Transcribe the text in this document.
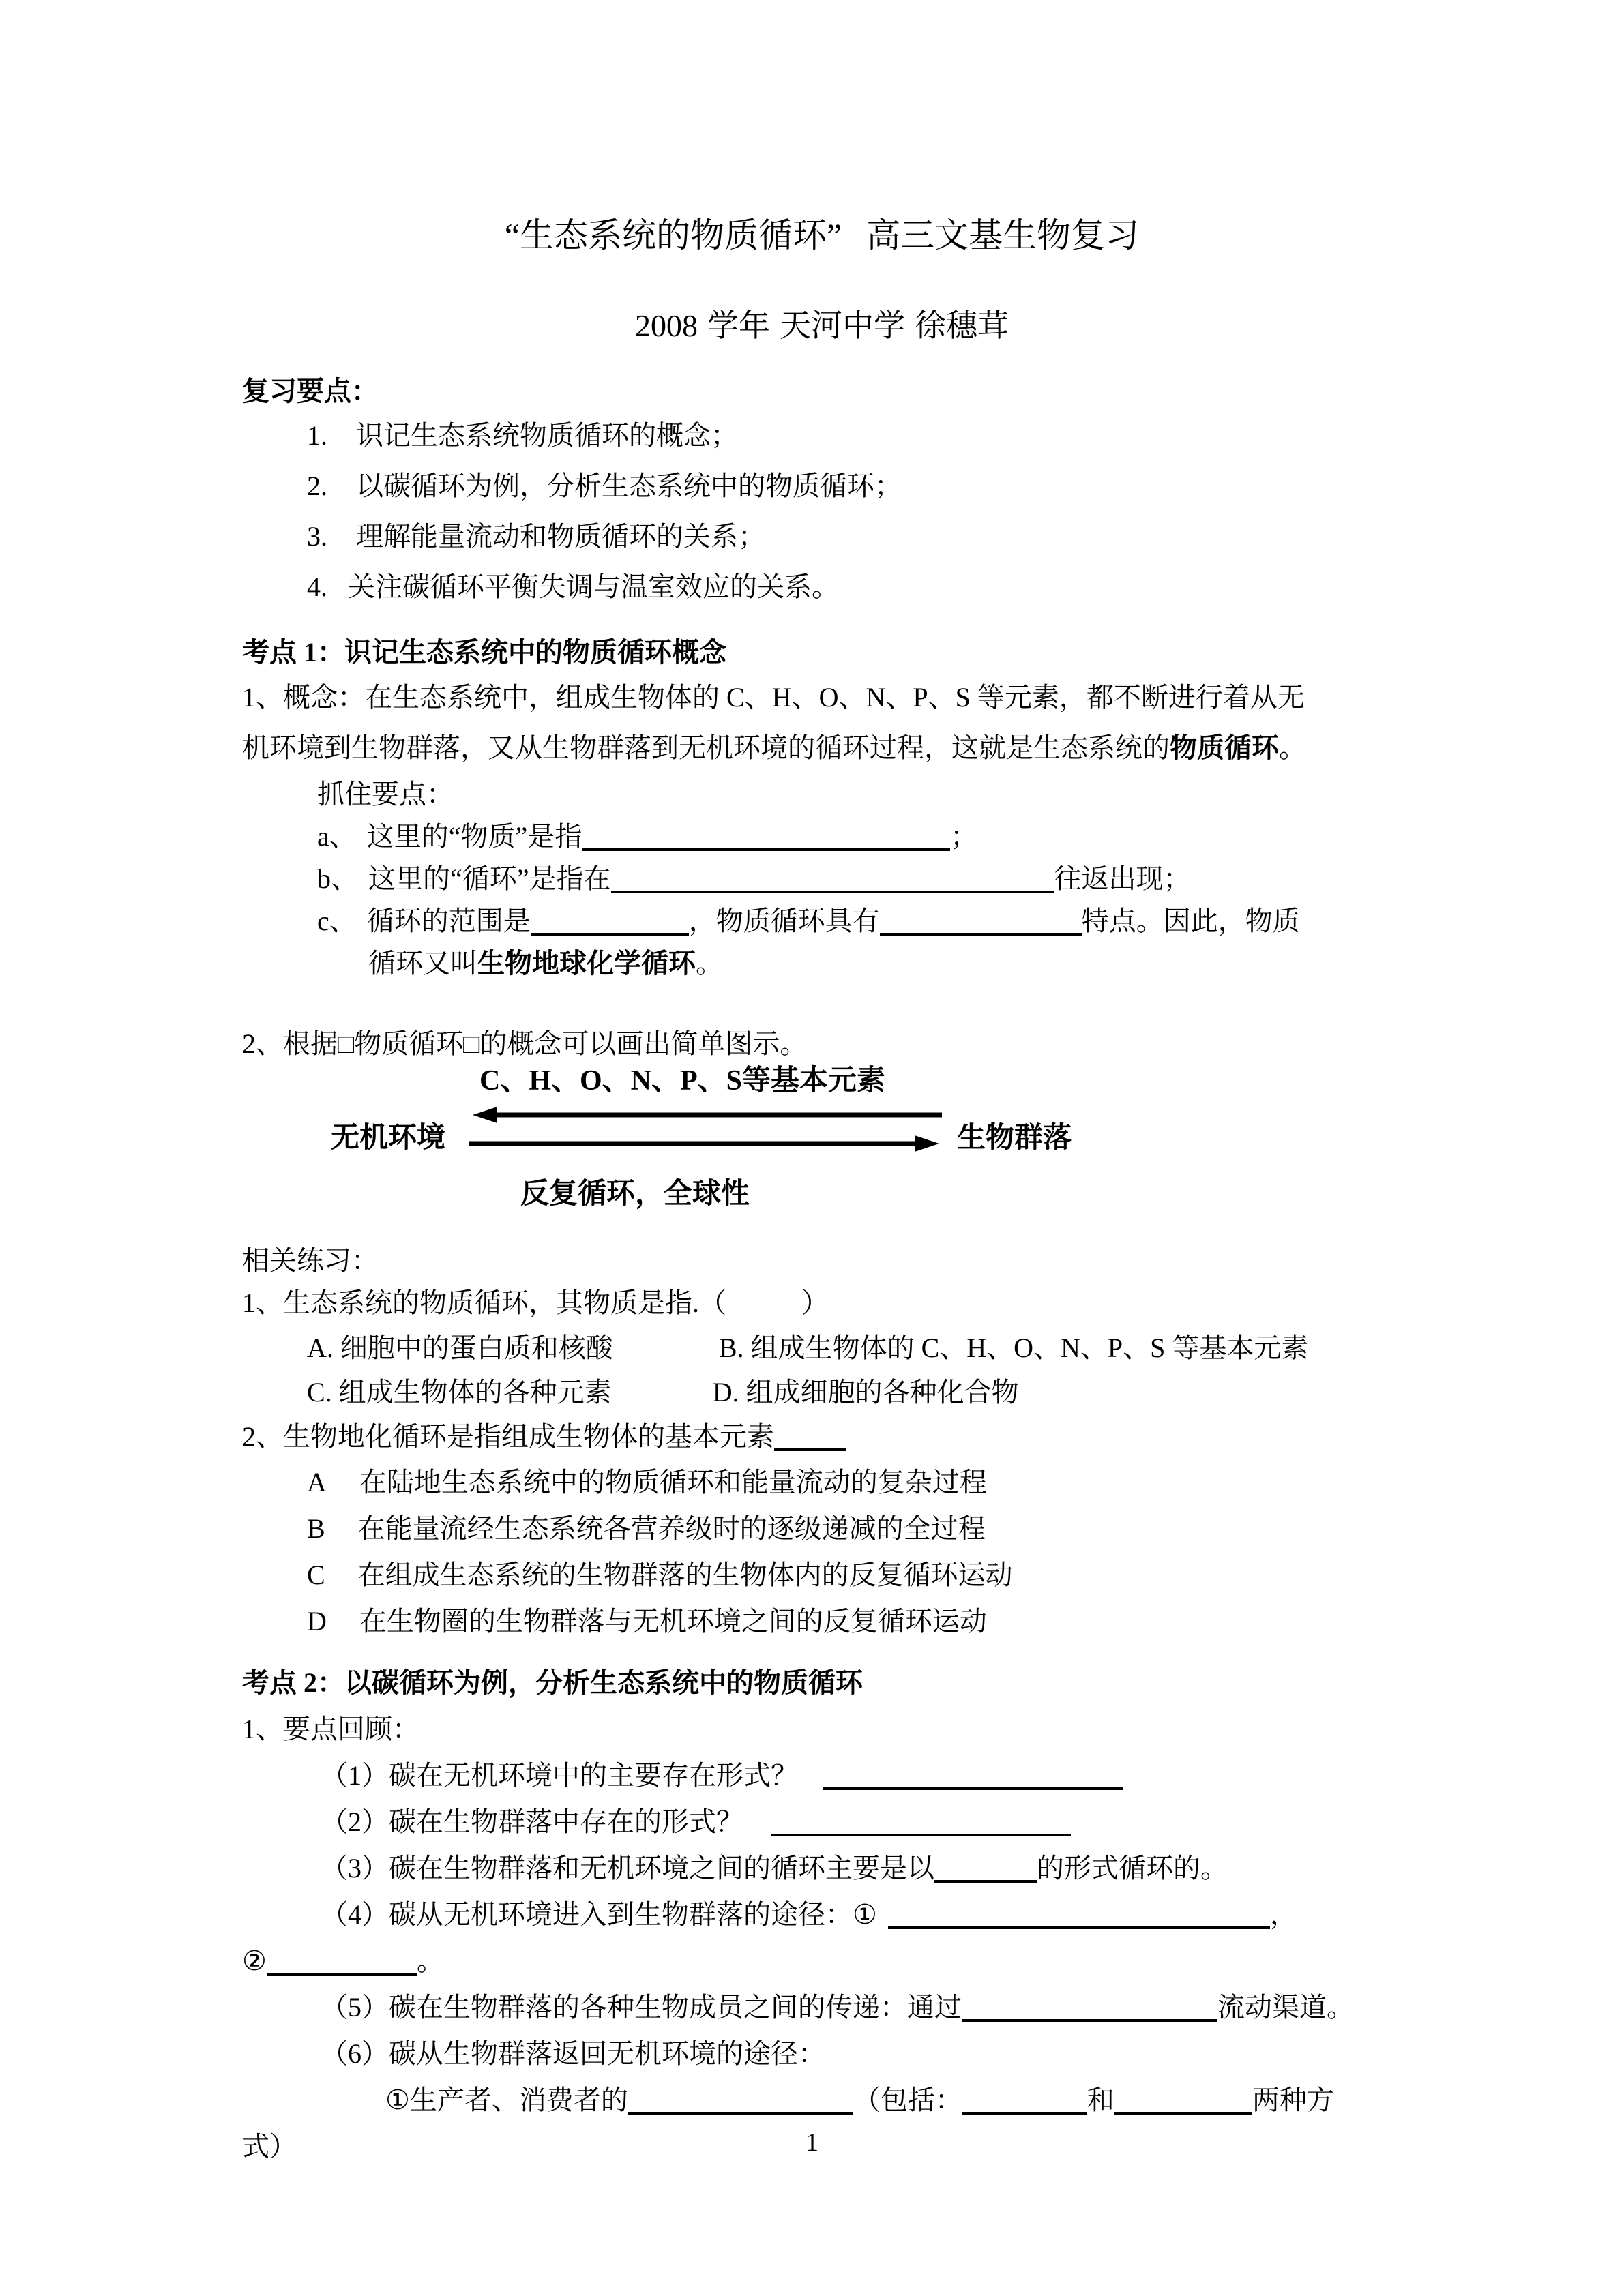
“生态系统的物质循环” 高三文基生物复习
2008 学年 天河中学 徐穗茸
复习要点：
1. 识记生态系统物质循环的概念；
2. 以碳循环为例，分析生态系统中的物质循环；
3. 理解能量流动和物质循环的关系；
4. 关注碳循环平衡失调与温室效应的关系。
考点 1：识记生态系统中的物质循环概念
1、概念：在生态系统中，组成生物体的 C、H、O、N、P、S 等元素，都不断进行着从无
机环境到生物群落，又从生物群落到无机环境的循环过程，这就是生态系统的物质循环。
抓住要点：
a、 这里的“物质”是指	；
b、 这里的“循环”是指在	往返出现；
c、 循环的范围是	，物质循环具有	特点。因此，物质
循环又叫生物地球化学循环。
2、根据□物质循环□的概念可以画出简单图示。
C、H、O、N、P、S等基本元素
无机环境	生物群落
反复循环，全球性
相关练习：
1、生态系统的物质循环，其物质是指.（	）
A. 细胞中的蛋白质和核酸	B. 组成生物体的 C、H、O、N、P、S 等基本元素
C. 组成生物体的各种元素	D. 组成细胞的各种化合物
2、生物地化循环是指组成生物体的基本元素
A 在陆地生态系统中的物质循环和能量流动的复杂过程
B 在能量流经生态系统各营养级时的逐级递减的全过程
C 在组成生态系统的生物群落的生物体内的反复循环运动
D 在生物圈的生物群落与无机环境之间的反复循环运动
考点 2：以碳循环为例，分析生态系统中的物质循环
1、要点回顾：
（1）碳在无机环境中的主要存在形式？
（2）碳在生物群落中存在的形式？
（3）碳在生物群落和无机环境之间的循环主要是以	的形式循环的。
（4）碳从无机环境进入到生物群落的途径：①	，
②	。
（5）碳在生物群落的各种生物成员之间的传递：通过	流动渠道。
（6）碳从生物群落返回无机环境的途径：
①生产者、消费者的	（包括：	和	两种方
式）	1
